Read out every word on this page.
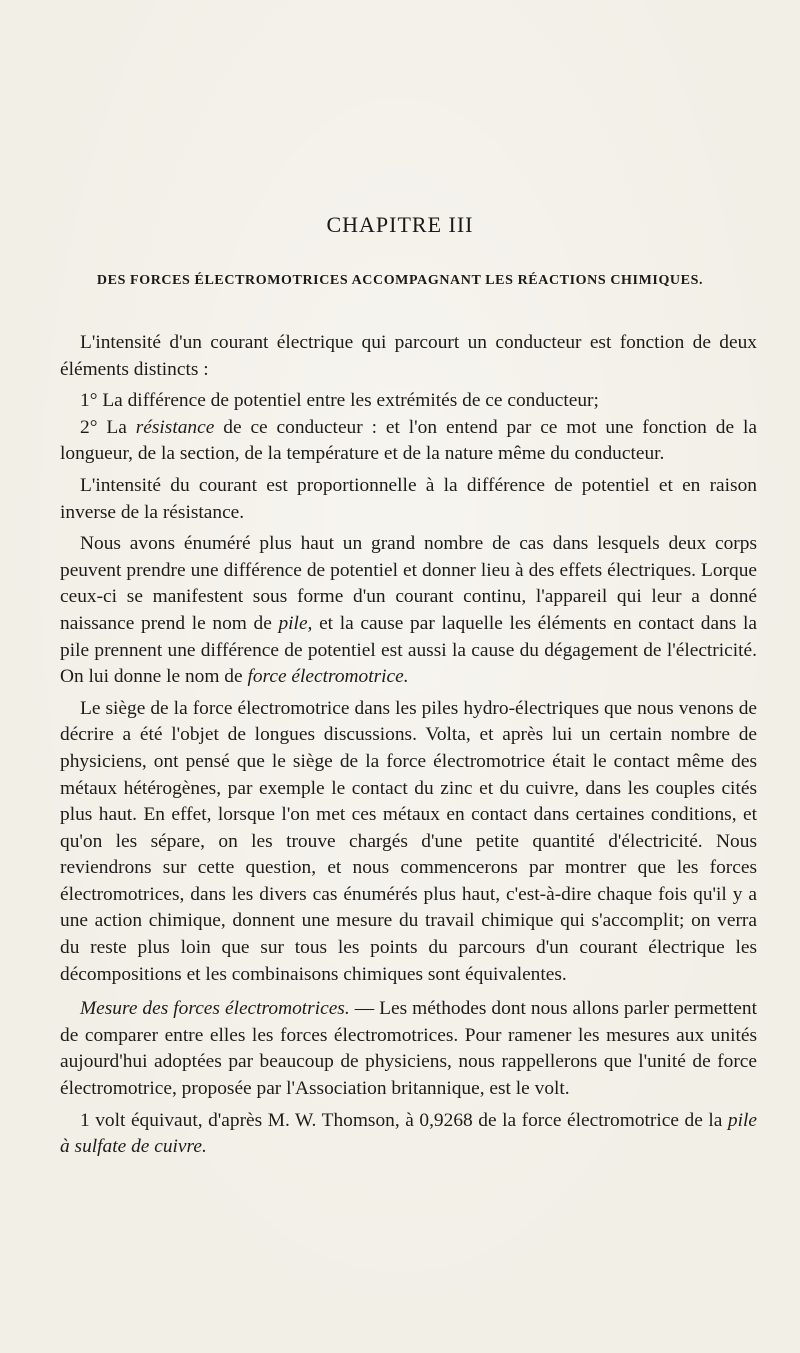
CHAPITRE III
DES FORCES ÉLECTROMOTRICES ACCOMPAGNANT LES RÉACTIONS CHIMIQUES.

L'intensité d'un courant électrique qui parcourt un conducteur est fonction de deux éléments distincts :

1° La différence de potentiel entre les extrémités de ce conducteur;

2° La résistance de ce conducteur : et l'on entend par ce mot une fonction de la longueur, de la section, de la température et de la nature même du conducteur.

L'intensité du courant est proportionnelle à la différence de potentiel et en raison inverse de la résistance.

Nous avons énuméré plus haut un grand nombre de cas dans lesquels deux corps peuvent prendre une différence de potentiel et donner lieu à des effets électriques. Lorque ceux-ci se manifestent sous forme d'un courant continu, l'appareil qui leur a donné naissance prend le nom de pile, et la cause par laquelle les éléments en contact dans la pile prennent une différence de potentiel est aussi la cause du dégagement de l'électricité. On lui donne le nom de force électromotrice.

Le siège de la force électromotrice dans les piles hydro-électriques que nous venons de décrire a été l'objet de longues discussions. Volta, et après lui un certain nombre de physiciens, ont pensé que le siège de la force électromotrice était le contact même des métaux hétérogènes, par exemple le contact du zinc et du cuivre, dans les couples cités plus haut. En effet, lorsque l'on met ces métaux en contact dans certaines conditions, et qu'on les sépare, on les trouve chargés d'une petite quantité d'électricité. Nous reviendrons sur cette question, et nous commencerons par montrer que les forces électromotrices, dans les divers cas énumérés plus haut, c'est-à-dire chaque fois qu'il y a une action chimique, donnent une mesure du travail chimique qui s'accomplit; on verra du reste plus loin que sur tous les points du parcours d'un courant électrique les décompositions et les combinaisons chimiques sont équivalentes.

Mesure des forces électromotrices. — Les méthodes dont nous allons parler permettent de comparer entre elles les forces électromotrices. Pour ramener les mesures aux unités aujourd'hui adoptées par beaucoup de physiciens, nous rappellerons que l'unité de force électromotrice, proposée par l'Association britannique, est le volt.

1 volt équivaut, d'après M. W. Thomson, à 0,9268 de la force électromotrice de la pile à sulfate de cuivre.
